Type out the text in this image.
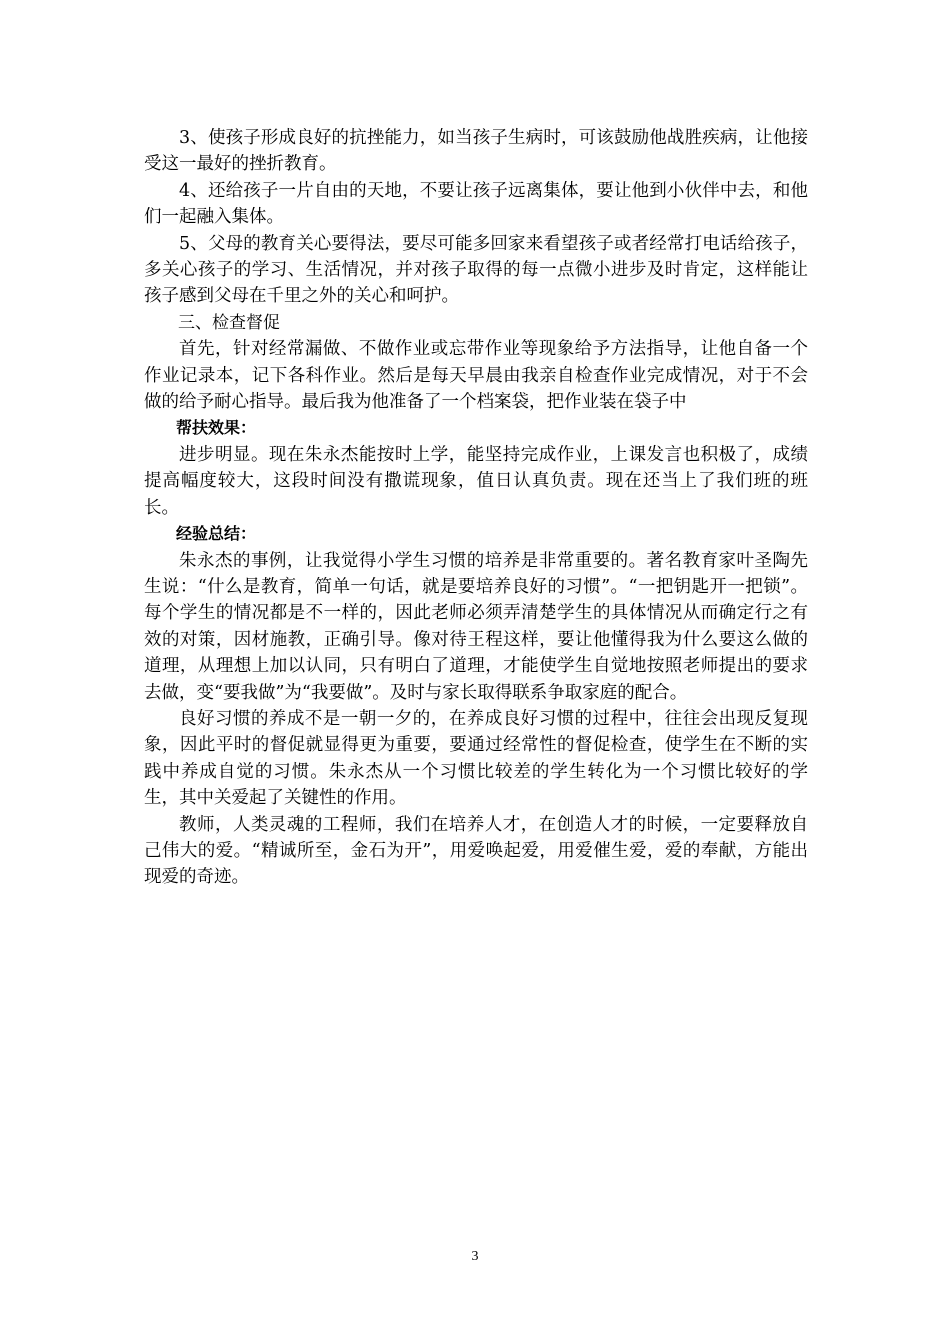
3、使孩子形成良好的抗挫能力，如当孩子生病时，可该鼓励他战胜疾病，让他接受这一最好的挫折教育。

4、还给孩子一片自由的天地，不要让孩子远离集体，要让他到小伙伴中去，和他们一起融入集体。

5、父母的教育关心要得法，要尽可能多回家来看望孩子或者经常打电话给孩子，多关心孩子的学习、生活情况，并对孩子取得的每一点微小进步及时肯定，这样能让孩子感到父母在千里之外的关心和呵护。

三、检查督促

首先，针对经常漏做、不做作业或忘带作业等现象给予方法指导，让他自备一个作业记录本，记下各科作业。然后是每天早晨由我亲自检查作业完成情况，对于不会做的给予耐心指导。最后我为他准备了一个档案袋，把作业装在袋子中

帮扶效果：

进步明显。现在朱永杰能按时上学，能坚持完成作业，上课发言也积极了，成绩提高幅度较大，这段时间没有撒谎现象，值日认真负责。现在还当上了我们班的班长。

经验总结：

朱永杰的事例，让我觉得小学生习惯的培养是非常重要的。著名教育家叶圣陶先生说：“什么是教育，简单一句话，就是要培养良好的习惯”。“一把钥匙开一把锁”。每个学生的情况都是不一样的，因此老师必须弄清楚学生的具体情况从而确定行之有效的对策，因材施教，正确引导。像对待王程这样，要让他懂得我为什么要这么做的道理，从理想上加以认同，只有明白了道理，才能使学生自觉地按照老师提出的要求去做，变“要我做”为“我要做”。及时与家长取得联系争取家庭的配合。

良好习惯的养成不是一朝一夕的，在养成良好习惯的过程中，往往会出现反复现象，因此平时的督促就显得更为重要，要通过经常性的督促检查，使学生在不断的实践中养成自觉的习惯。朱永杰从一个习惯比较差的学生转化为一个习惯比较好的学生，其中关爱起了关键性的作用。

教师，人类灵魂的工程师，我们在培养人才，在创造人才的时候，一定要释放自己伟大的爱。“精诚所至，金石为开”，用爱唤起爱，用爱催生爱，爱的奉献，方能出现爱的奇迹。

3
